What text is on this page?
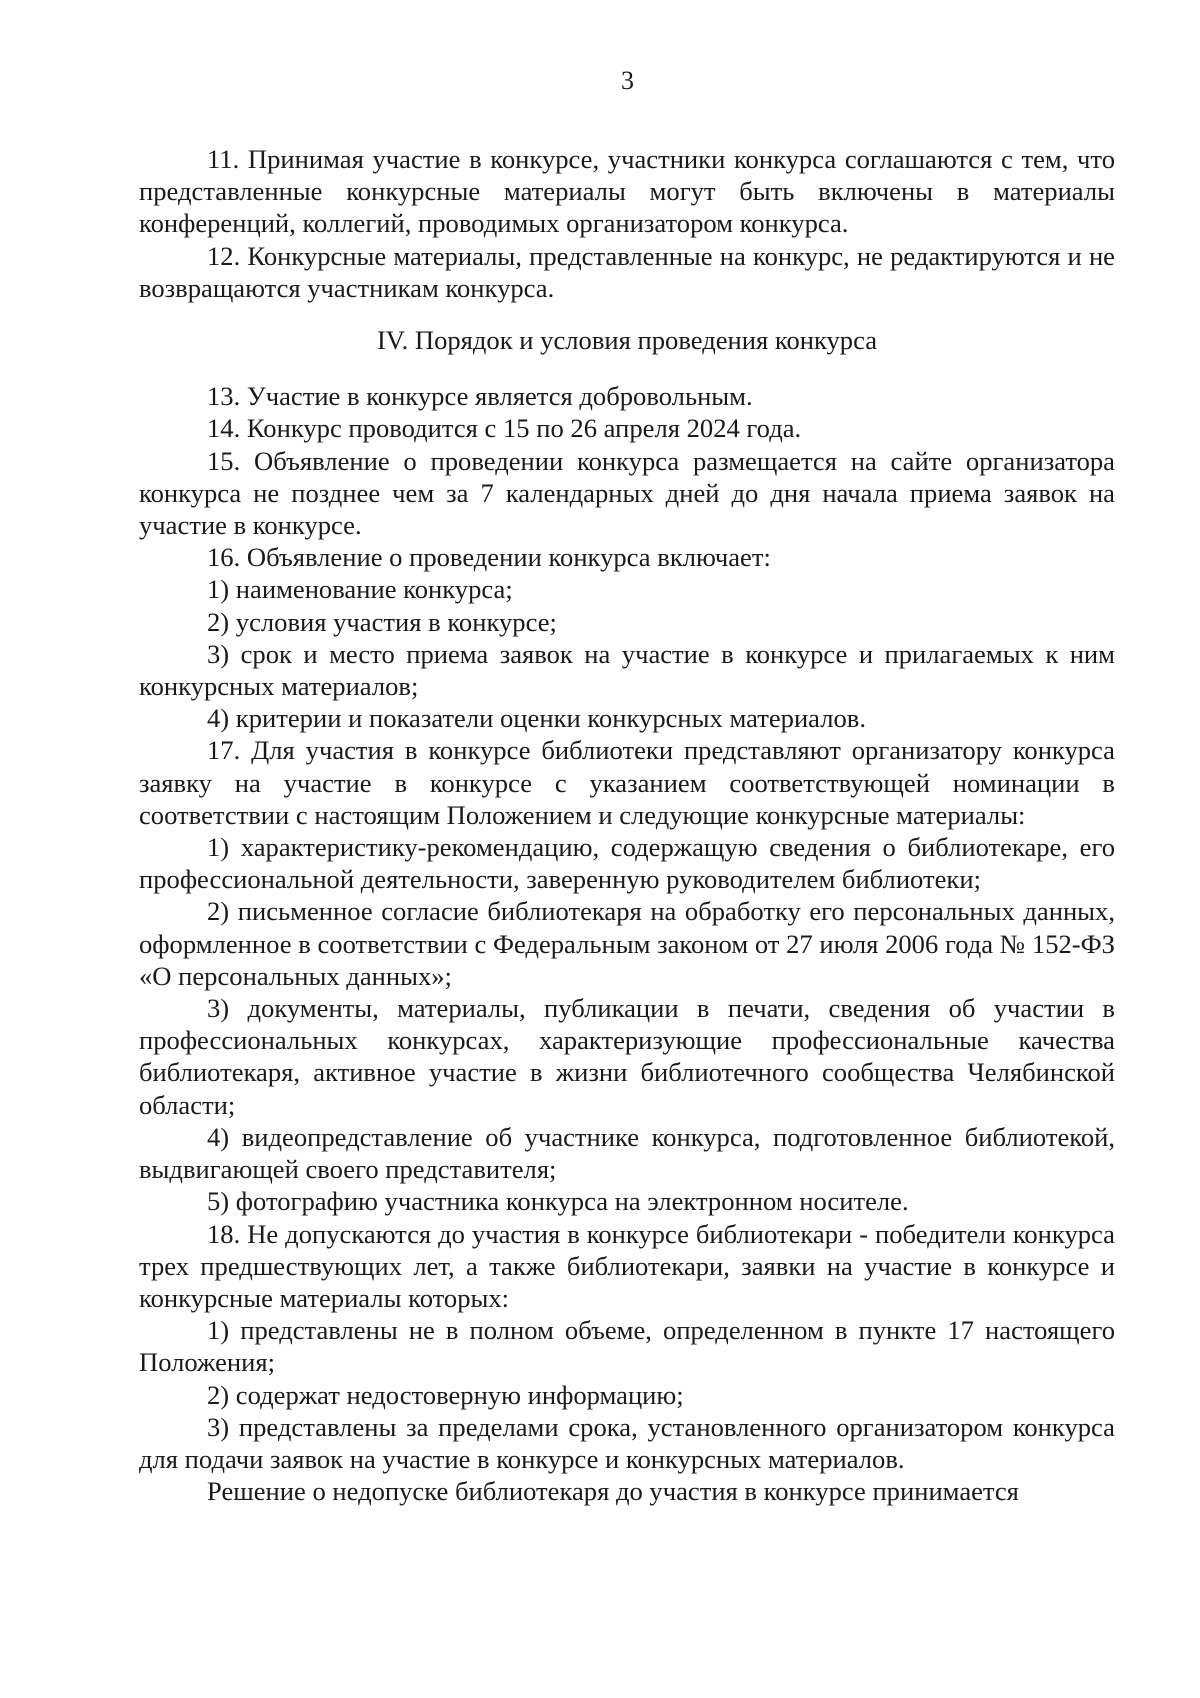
3

11. Принимая участие в конкурсе, участники конкурса соглашаются с тем, что представленные конкурсные материалы могут быть включены в материалы конференций, коллегий, проводимых организатором конкурса.

12. Конкурсные материалы, представленные на конкурс, не редактируются и не возвращаются участникам конкурса.

IV. Порядок и условия проведения конкурса

13. Участие в конкурсе является добровольным.

14. Конкурс проводится с 15 по 26 апреля 2024 года.

15. Объявление о проведении конкурса размещается на сайте организатора конкурса не позднее чем за 7 календарных дней до дня начала приема заявок на участие в конкурсе.

16. Объявление о проведении конкурса включает:

1) наименование конкурса;

2) условия участия в конкурсе;

3) срок и место приема заявок на участие в конкурсе и прилагаемых к ним конкурсных материалов;

4) критерии и показатели оценки конкурсных материалов.

17. Для участия в конкурсе библиотеки представляют организатору конкурса заявку на участие в конкурсе с указанием соответствующей номинации в соответствии с настоящим Положением и следующие конкурсные материалы:

1) характеристику-рекомендацию, содержащую сведения о библиотекаре, его профессиональной деятельности, заверенную руководителем библиотеки;

2) письменное согласие библиотекаря на обработку его персональных данных, оформленное в соответствии с Федеральным законом от 27 июля 2006 года № 152-ФЗ «О персональных данных»;

3) документы, материалы, публикации в печати, сведения об участии в профессиональных конкурсах, характеризующие профессиональные качества библиотекаря, активное участие в жизни библиотечного сообщества Челябинской области;

4) видеопредставление об участнике конкурса, подготовленное библиотекой, выдвигающей своего представителя;

5) фотографию участника конкурса на электронном носителе.

18. Не допускаются до участия в конкурсе библиотекари - победители конкурса трех предшествующих лет, а также библиотекари, заявки на участие в конкурсе и конкурсные материалы которых:

1) представлены не в полном объеме, определенном в пункте 17 настоящего Положения;

2) содержат недостоверную информацию;

3) представлены за пределами срока, установленного организатором конкурса для подачи заявок на участие в конкурсе и конкурсных материалов.

Решение о недопуске библиотекаря до участия в конкурсе принимается
